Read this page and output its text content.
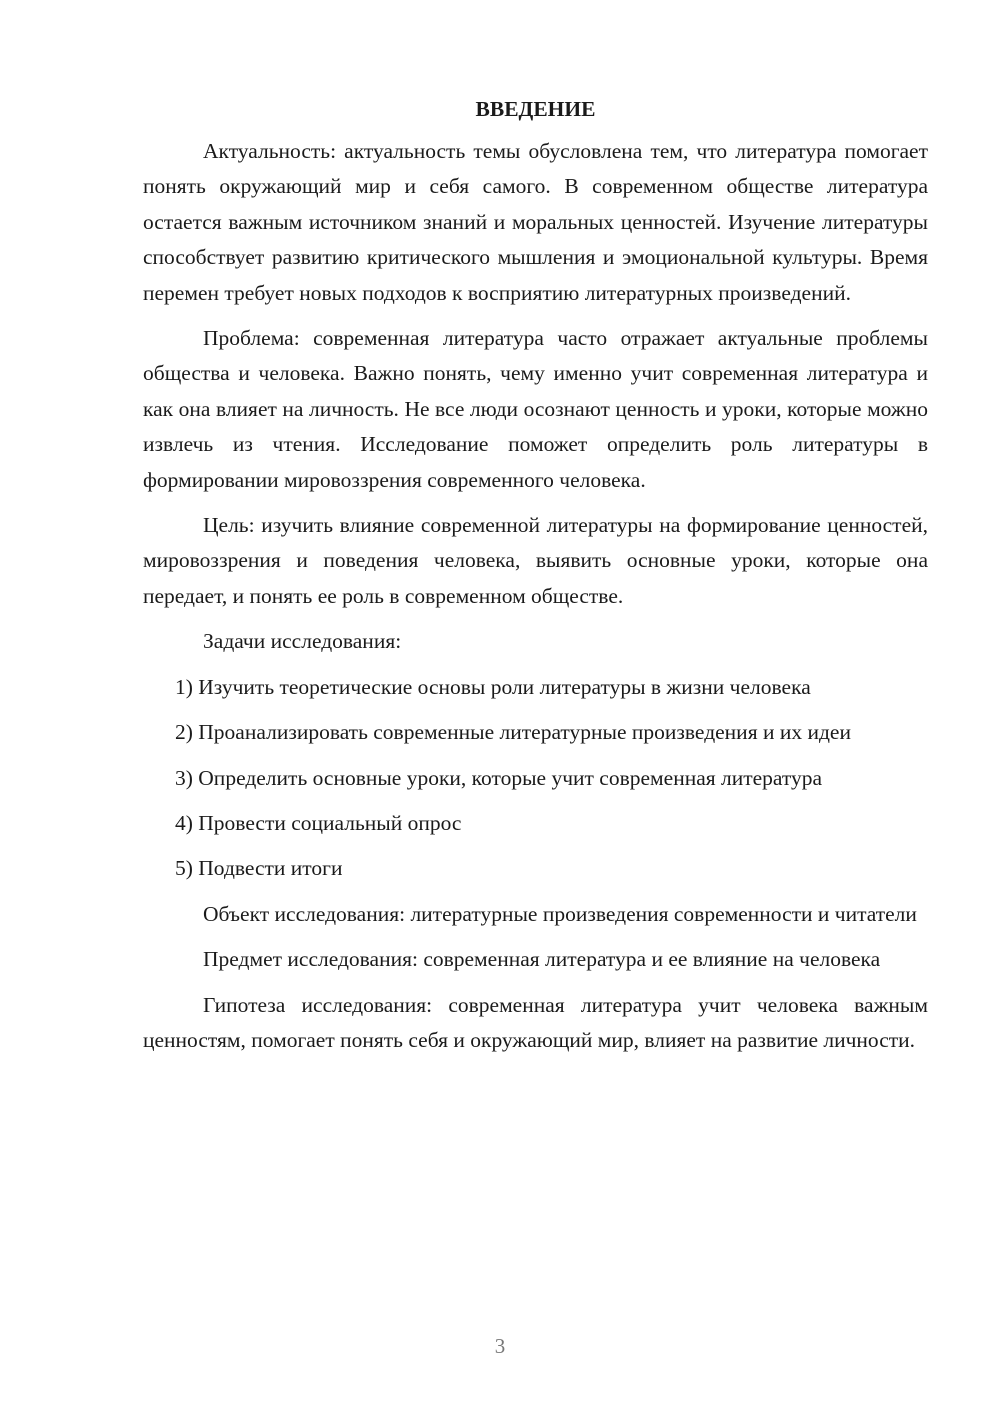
ВВЕДЕНИЕ

Актуальность: актуальность темы обусловлена тем, что литература помогает понять окружающий мир и себя самого. В современном обществе литература остается важным источником знаний и моральных ценностей. Изучение литературы способствует развитию критического мышления и эмоциональной культуры. Время перемен требует новых подходов к восприятию литературных произведений.

Проблема: современная литература часто отражает актуальные проблемы общества и человека. Важно понять, чему именно учит современная литература и как она влияет на личность. Не все люди осознают ценность и уроки, которые можно извлечь из чтения. Исследование поможет определить роль литературы в формировании мировоззрения современного человека.

Цель: изучить влияние современной литературы на формирование ценностей, мировоззрения и поведения человека, выявить основные уроки, которые она передает, и понять ее роль в современном обществе.

Задачи исследования:

1) Изучить теоретические основы роли литературы в жизни человека

2) Проанализировать современные литературные произведения и их идеи

3) Определить основные уроки, которые учит современная литература

4) Провести социальный опрос

5) Подвести итоги

Объект исследования: литературные произведения современности и читатели

Предмет исследования: современная литература и ее влияние на человека

Гипотеза исследования: современная литература учит человека важным ценностям, помогает понять себя и окружающий мир, влияет на развитие личности.

3
